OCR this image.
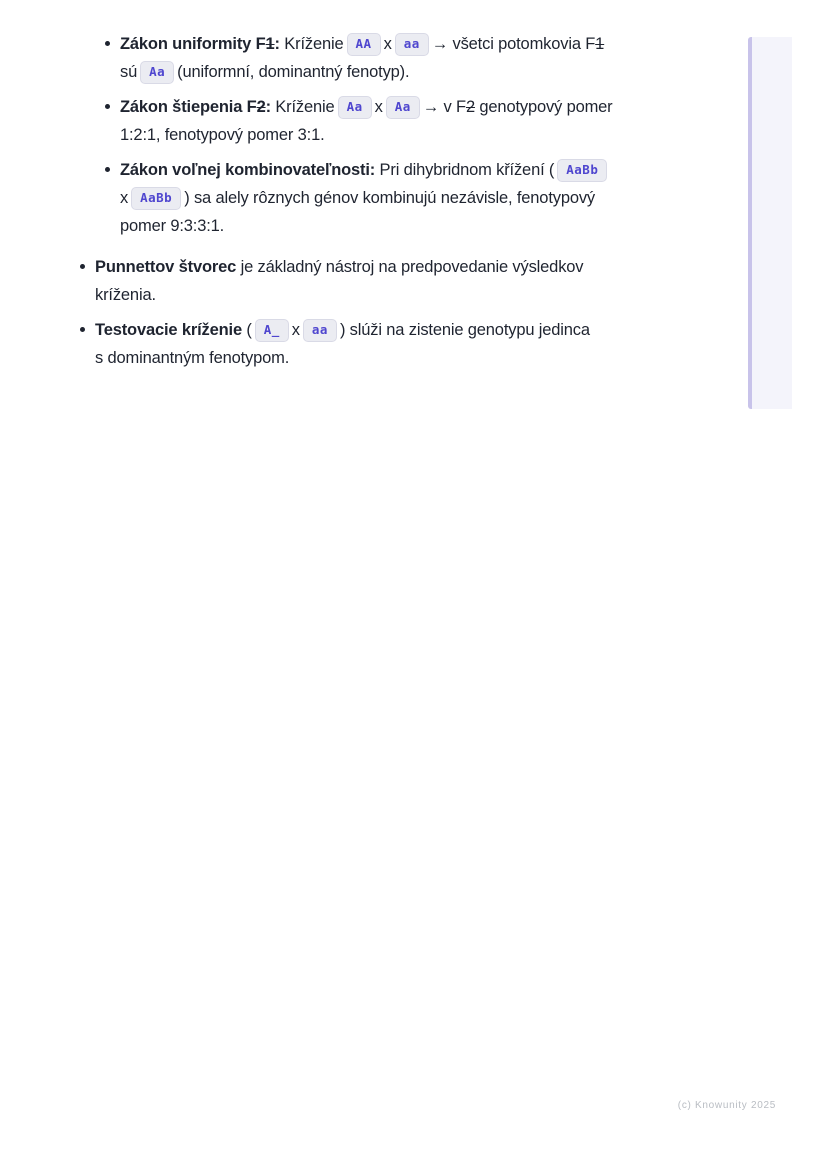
Zákon uniformity F1: Kríženie AA x aa → všetci potomkovia F1 sú Aa (uniformní, dominantný fenotyp).
Zákon štiepenia F2: Kríženie Aa x Aa → v F2 genotypový pomer 1:2:1, fenotypový pomer 3:1.
Zákon voľnej kombinovateľnosti: Pri dihybridnom křížení ( AaBbx AaBb ) sa alely rôznych génov kombinujú nezávisle, fenotypový pomer 9:3:3:1.
Punnettov štvorec je základný nástroj na predpovedanie výsledkov kríženia.
Testovacie kríženie ( A_ x aa ) slúži na zistenie genotypu jedinca s dominantným fenotypom.
(c) Knowunity 2025
